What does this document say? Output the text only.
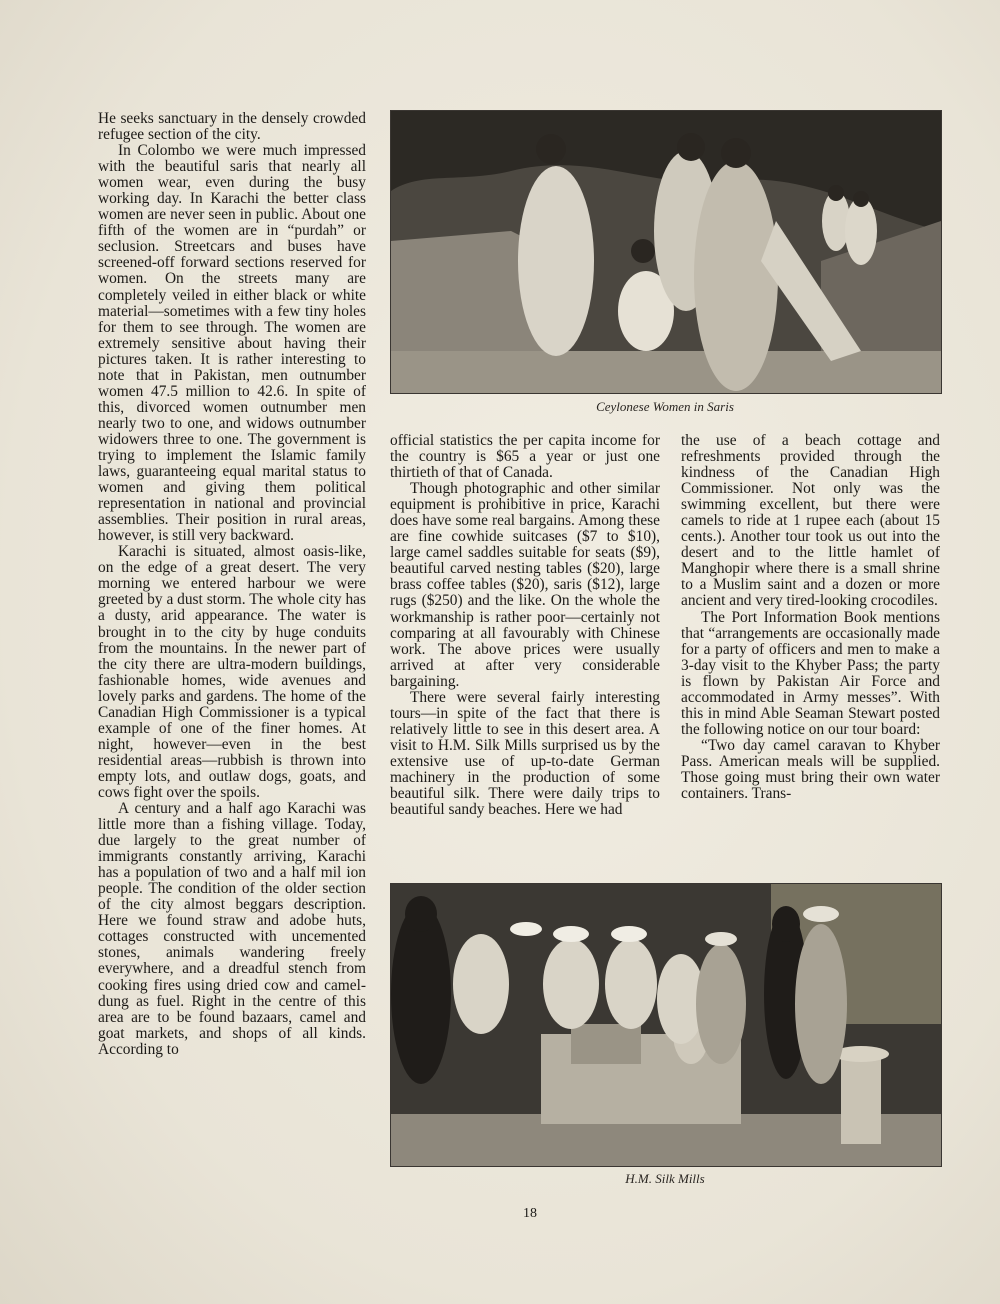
He seeks sanctuary in the densely crowded refugee section of the city.

In Colombo we were much impressed with the beautiful saris that nearly all women wear, even during the busy working day. In Karachi the better class women are never seen in public. About one fifth of the women are in “purdah” or seclusion. Streetcars and buses have screened-off forward sections reserved for women. On the streets many are completely veiled in either black or white material—sometimes with a few tiny holes for them to see through. The women are extremely sensitive about having their pictures taken. It is rather interesting to note that in Pakistan, men outnumber women 47.5 million to 42.6. In spite of this, divorced women outnumber men nearly two to one, and widows outnumber widowers three to one. The government is trying to implement the Islamic family laws, guaranteeing equal marital status to women and giving them political representation in national and provincial assemblies. Their position in rural areas, however, is still very backward.

Karachi is situated, almost oasis-like, on the edge of a great desert. The very morning we entered harbour we were greeted by a dust storm. The whole city has a dusty, arid appearance. The water is brought in to the city by huge conduits from the mountains. In the newer part of the city there are ultra-modern buildings, fashionable homes, wide avenues and lovely parks and gardens. The home of the Canadian High Commissioner is a typical example of one of the finer homes. At night, however—even in the best residential areas—rubbish is thrown into empty lots, and outlaw dogs, goats, and cows fight over the spoils.

A century and a half ago Karachi was little more than a fishing village. Today, due largely to the great number of immigrants constantly arriving, Karachi has a population of two and a half mil ion people. The condition of the older section of the city almost beggars description. Here we found straw and adobe huts, cottages constructed with uncemented stones, animals wandering freely everywhere, and a dreadful stench from cooking fires using dried cow and camel-dung as fuel. Right in the centre of this area are to be found bazaars, camel and goat markets, and shops of all kinds. According to

Ceylonese Women in Saris

official statistics the per capita income for the country is $65 a year or just one thirtieth of that of Canada.

Though photographic and other similar equipment is prohibitive in price, Karachi does have some real bargains. Among these are fine cowhide suitcases ($7 to $10), large camel saddles suitable for seats ($9), beautiful carved nesting tables ($20), large brass coffee tables ($20), saris ($12), large rugs ($250) and the like. On the whole the workmanship is rather poor—certainly not comparing at all favourably with Chinese work. The above prices were usually arrived at after very considerable bargaining.

There were several fairly interesting tours—in spite of the fact that there is relatively little to see in this desert area. A visit to H.M. Silk Mills surprised us by the extensive use of up-to-date German machinery in the production of some beautiful silk. There were daily trips to beautiful sandy beaches. Here we had

the use of a beach cottage and refreshments provided through the kindness of the Canadian High Commissioner. Not only was the swimming excellent, but there were camels to ride at 1 rupee each (about 15 cents.). Another tour took us out into the desert and to the little hamlet of Manghopir where there is a small shrine to a Muslim saint and a dozen or more ancient and very tired-looking crocodiles.

The Port Information Book mentions that “arrangements are occasionally made for a party of officers and men to make a 3-day visit to the Khyber Pass; the party is flown by Pakistan Air Force and accommodated in Army messes”. With this in mind Able Seaman Stewart posted the following notice on our tour board:

“Two day camel caravan to Khyber Pass. American meals will be supplied. Those going must bring their own water containers. Trans-

H.M. Silk Mills
18
